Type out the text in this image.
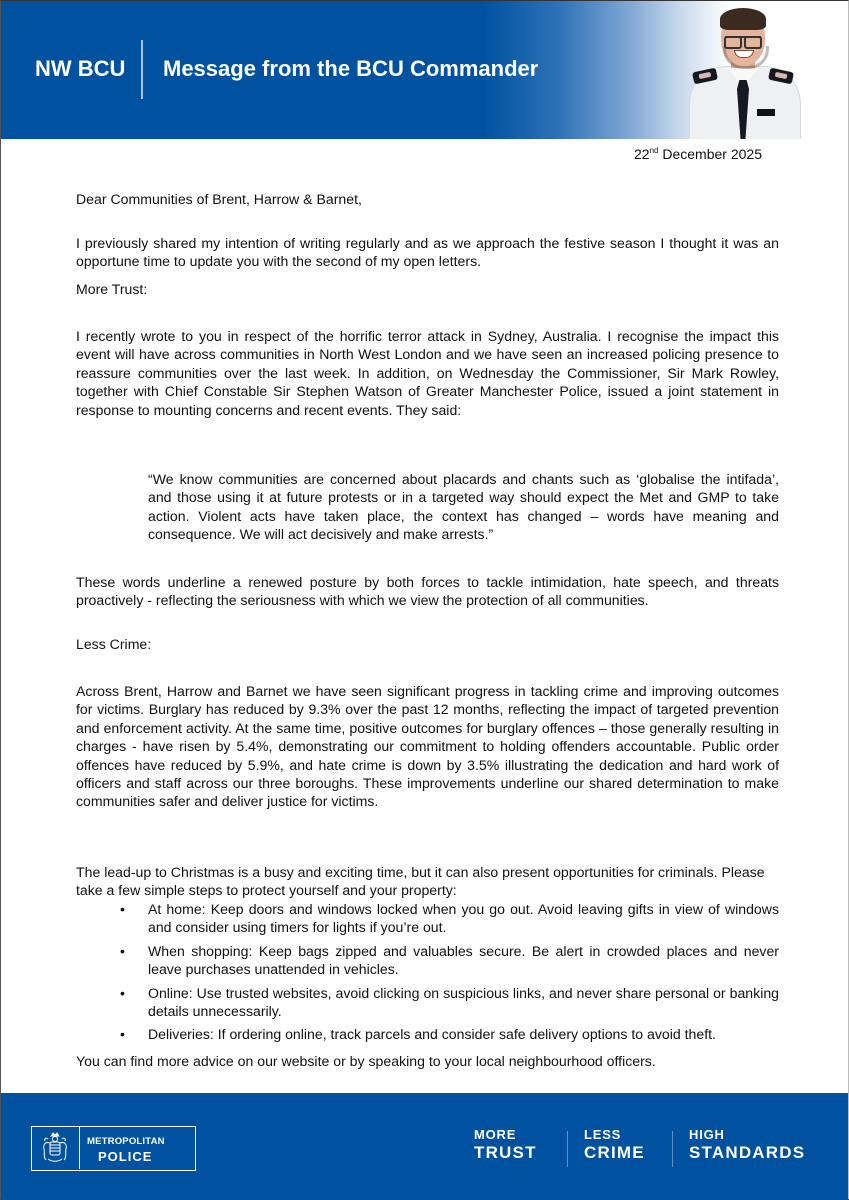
NW BCU Message from the BCU Commander
22nd December 2025

Dear Communities of Brent, Harrow & Barnet,

I previously shared my intention of writing regularly and as we approach the festive season I thought it was an opportune time to update you with the second of my open letters.

More Trust:

I recently wrote to you in respect of the horrific terror attack in Sydney, Australia. I recognise the impact this event will have across communities in North West London and we have seen an increased policing presence to reassure communities over the last week. In addition, on Wednesday the Commissioner, Sir Mark Rowley, together with Chief Constable Sir Stephen Watson of Greater Manchester Police, issued a joint statement in response to mounting concerns and recent events. They said:

“We know communities are concerned about placards and chants such as ‘globalise the intifada’, and those using it at future protests or in a targeted way should expect the Met and GMP to take action. Violent acts have taken place, the context has changed – words have meaning and consequence. We will act decisively and make arrests.”

These words underline a renewed posture by both forces to tackle intimidation, hate speech, and threats proactively - reflecting the seriousness with which we view the protection of all communities.

Less Crime:

Across Brent, Harrow and Barnet we have seen significant progress in tackling crime and improving outcomes for victims. Burglary has reduced by 9.3% over the past 12 months, reflecting the impact of targeted prevention and enforcement activity. At the same time, positive outcomes for burglary offences – those generally resulting in charges - have risen by 5.4%, demonstrating our commitment to holding offenders accountable. Public order offences have reduced by 5.9%, and hate crime is down by 3.5% illustrating the dedication and hard work of officers and staff across our three boroughs. These improvements underline our shared determination to make communities safer and deliver justice for victims.

The lead-up to Christmas is a busy and exciting time, but it can also present opportunities for criminals. Please take a few simple steps to protect yourself and your property:

• At home: Keep doors and windows locked when you go out. Avoid leaving gifts in view of windows and consider using timers for lights if you’re out.
• When shopping: Keep bags zipped and valuables secure. Be alert in crowded places and never leave purchases unattended in vehicles.
• Online: Use trusted websites, avoid clicking on suspicious links, and never share personal or banking details unnecessarily.
• Deliveries: If ordering online, track parcels and consider safe delivery options to avoid theft.

You can find more advice on our website or by speaking to your local neighbourhood officers.

METROPOLITAN
POLICE
MORE
TRUST
LESS
CRIME
HIGH
STANDARDS
